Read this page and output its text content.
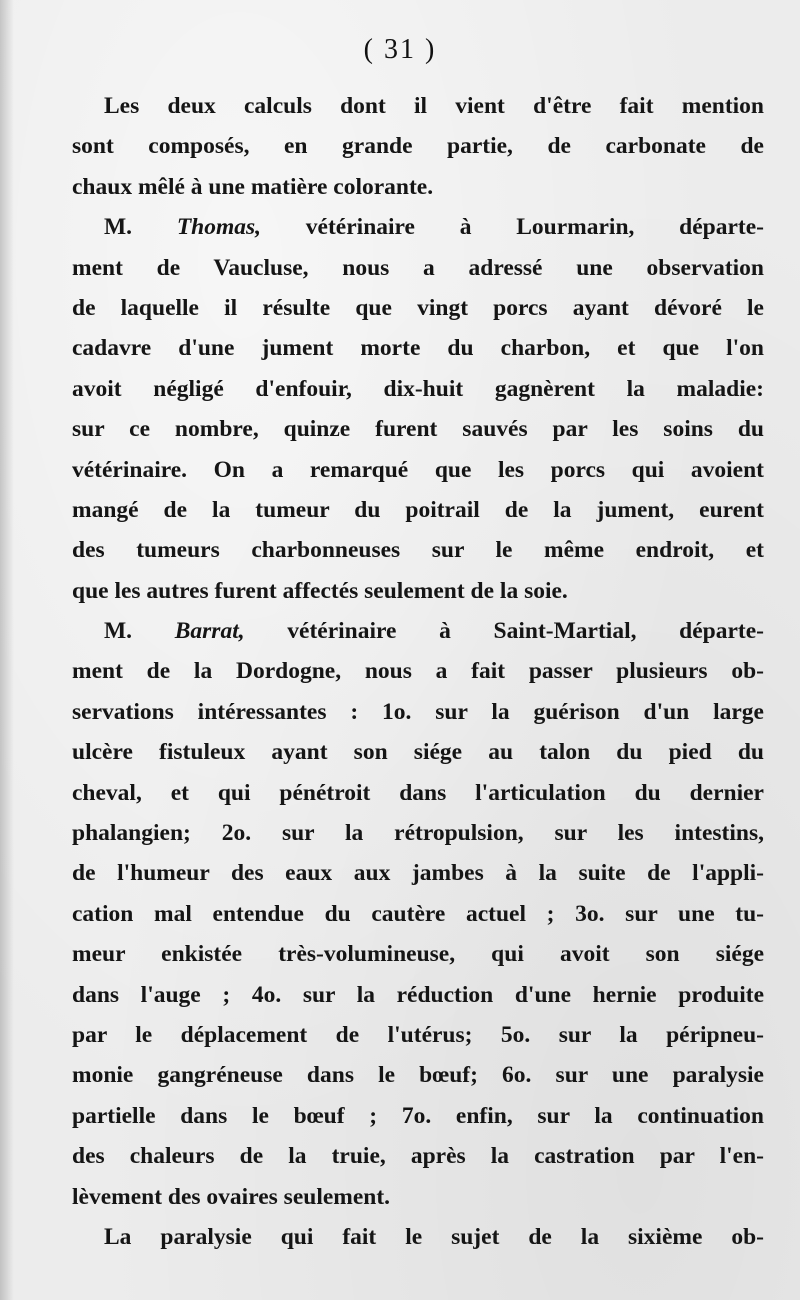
( 31 )
Les deux calculs dont il vient d'être fait mention
sont composés, en grande partie, de carbonate de
chaux mêlé à une matière colorante.
M. Thomas, vétérinaire à Lourmarin, départe-
ment de Vaucluse, nous a adressé une observation
de laquelle il résulte que vingt porcs ayant dévoré le
cadavre d'une jument morte du charbon, et que l'on
avoit négligé d'enfouir, dix-huit gagnèrent la maladie:
sur ce nombre, quinze furent sauvés par les soins du
vétérinaire. On a remarqué que les porcs qui avoient
mangé de la tumeur du poitrail de la jument, eurent
des tumeurs charbonneuses sur le même endroit, et
que les autres furent affectés seulement de la soie.
M. Barrat, vétérinaire à Saint-Martial, départe-
ment de la Dordogne, nous a fait passer plusieurs ob-
servations intéressantes : 1o. sur la guérison d'un large
ulcère fistuleux ayant son siége au talon du pied du
cheval, et qui pénétroit dans l'articulation du dernier
phalangien; 2o. sur la rétropulsion, sur les intestins,
de l'humeur des eaux aux jambes à la suite de l'appli-
cation mal entendue du cautère actuel ; 3o. sur une tu-
meur enkistée très-volumineuse, qui avoit son siége
dans l'auge ; 4o. sur la réduction d'une hernie produite
par le déplacement de l'utérus; 5o. sur la péripneu-
monie gangréneuse dans le bœuf; 6o. sur une paralysie
partielle dans le bœuf ; 7o. enfin, sur la continuation
des chaleurs de la truie, après la castration par l'en-
lèvement des ovaires seulement.
La paralysie qui fait le sujet de la sixième ob-
